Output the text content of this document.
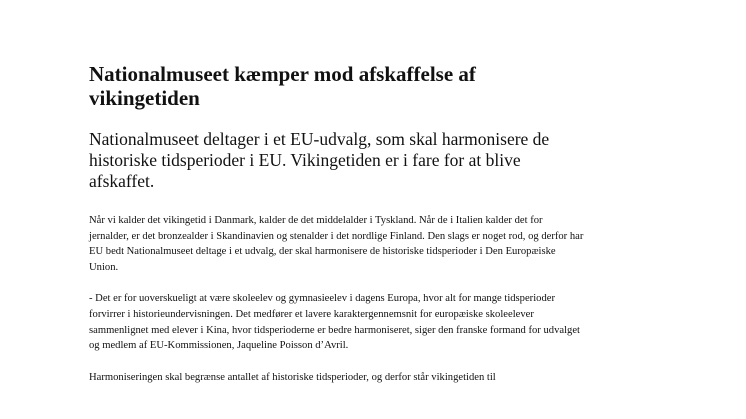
Nationalmuseet kæmper mod afskaffelse af vikingetiden

Nationalmuseet deltager i et EU-udvalg, som skal harmonisere de historiske tidsperioder i EU. Vikingetiden er i fare for at blive afskaffet.

Når vi kalder det vikingetid i Danmark, kalder de det middelalder i Tyskland. Når de i Italien kalder det for jernalder, er det bronzealder i Skandinavien og stenalder i det nordlige Finland. Den slags er noget rod, og derfor har EU bedt Nationalmuseet deltage i et udvalg, der skal harmonisere de historiske tidsperioder i Den Europæiske Union.

- Det er for uoverskueligt at være skoleelev og gymnasieelev i dagens Europa, hvor alt for mange tidsperioder forvirrer i historieundervisningen. Det medfører et lavere karaktergennemsnit for europæiske skoleelever sammenlignet med elever i Kina, hvor tidsperioderne er bedre harmoniseret, siger den franske formand for udvalget og medlem af EU-Kommissionen, Jaqueline Poisson d’Avril.

Harmoniseringen skal begrænse antallet af historiske tidsperioder, og derfor står vikingetiden til
